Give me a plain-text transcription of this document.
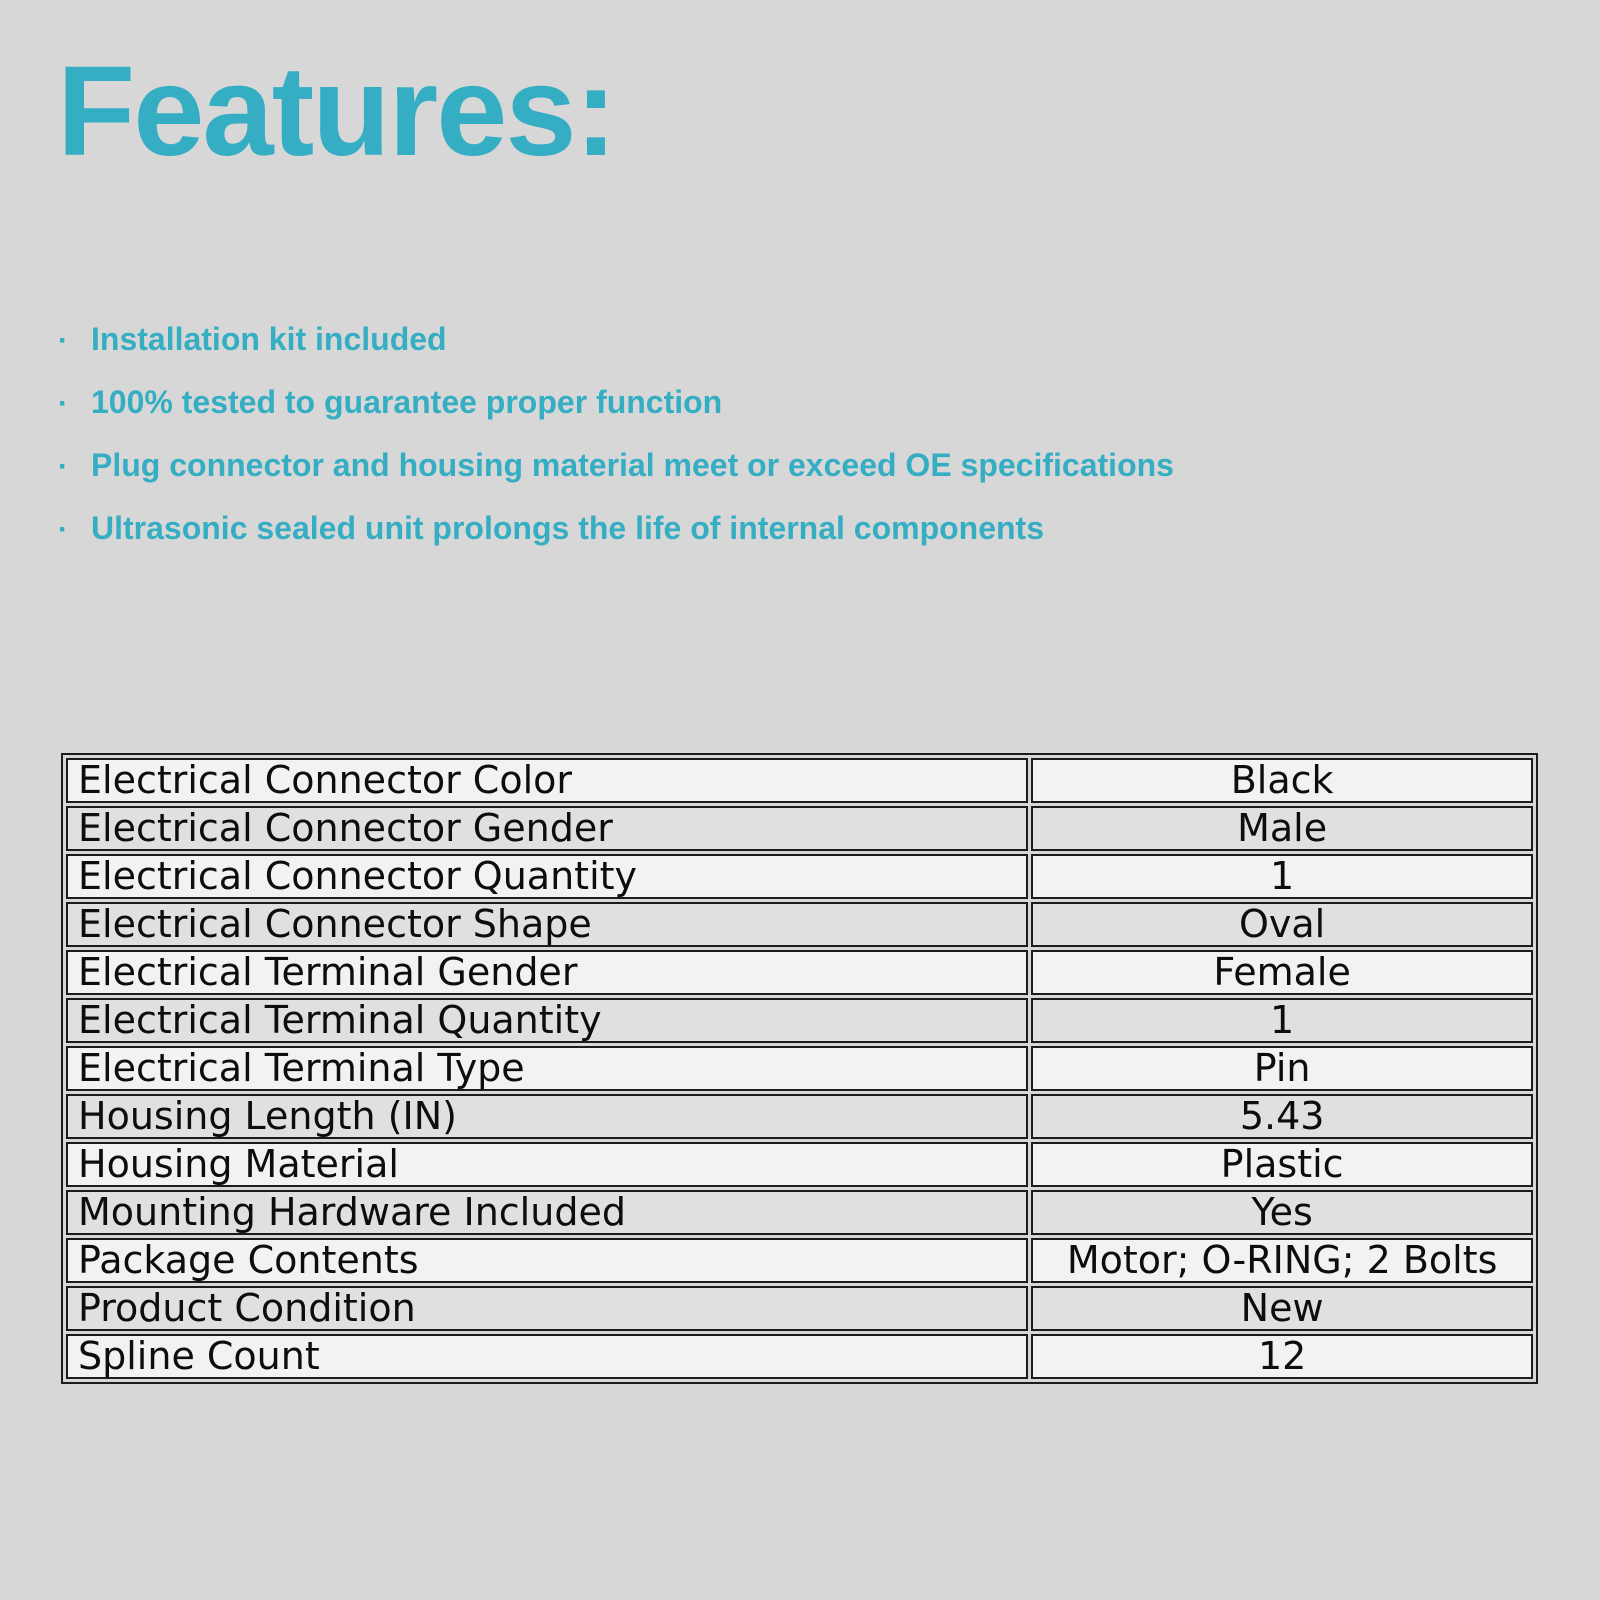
Features:
· Installation kit included
· 100% tested to guarantee proper function
· Plug connector and housing material meet or exceed OE specifications
· Ultrasonic sealed unit prolongs the life of internal components
Electrical Connector Color	Black
Electrical Connector Gender	Male
Electrical Connector Quantity	1
Electrical Connector Shape	Oval
Electrical Terminal Gender	Female
Electrical Terminal Quantity	1
Electrical Terminal Type	Pin
Housing Length (IN)	5.43
Housing Material	Plastic
Mounting Hardware Included	Yes
Package Contents	Motor; O-RING; 2 Bolts
Product Condition	New
Spline Count	12
